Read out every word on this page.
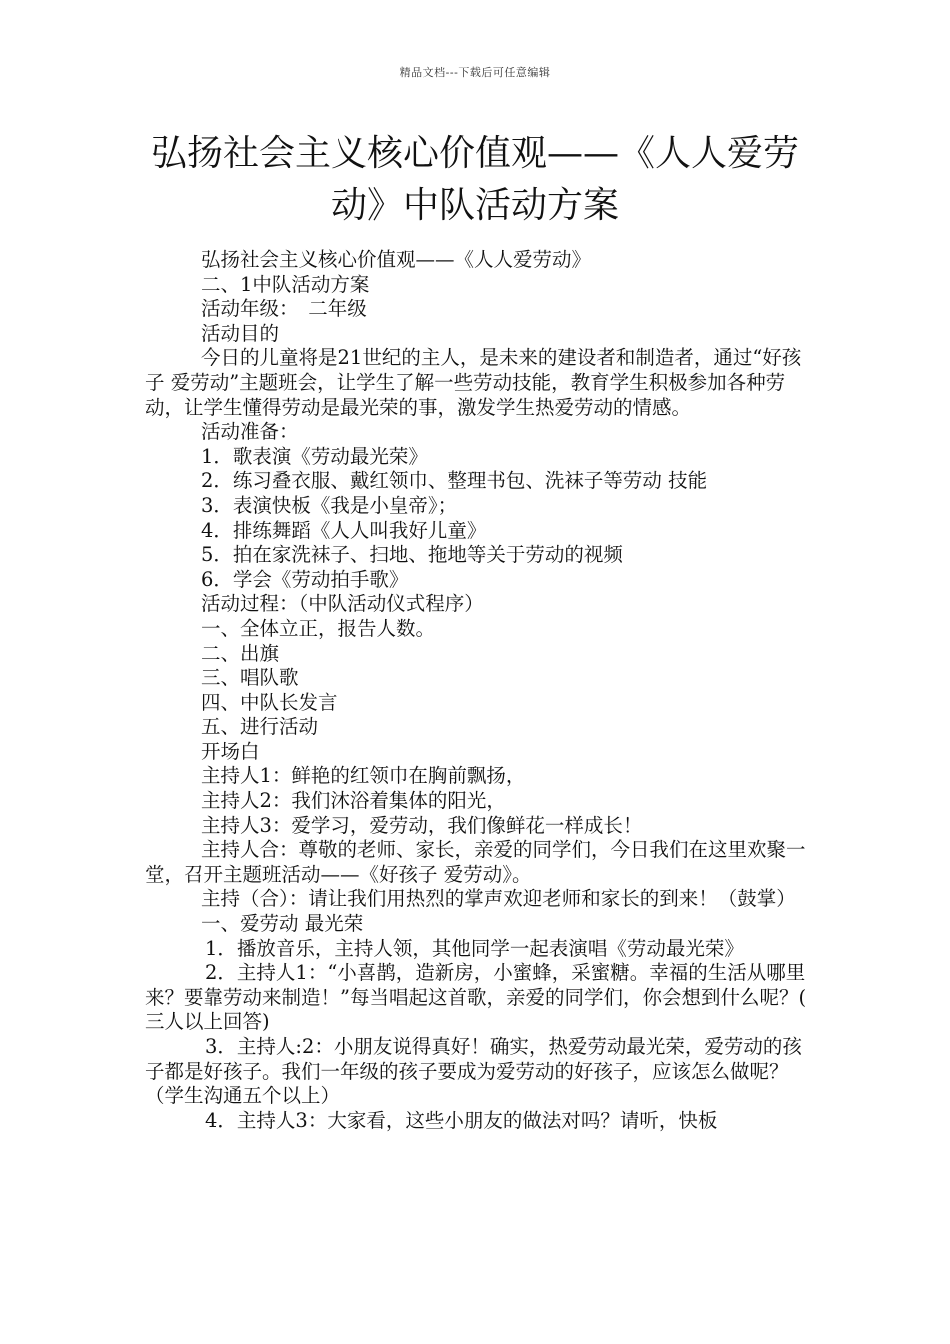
精品文档---下载后可任意编辑
弘扬社会主义核心价值观——《人人爱劳动》中队活动方案

弘扬社会主义核心价值观——《人人爱劳动》

二、1中队活动方案

活动年级：　二年级

活动目的

今日的儿童将是21世纪的主人，是未来的建设者和制造者，通过“好孩子 爱劳动”主题班会，让学生了解一些劳动技能，教育学生积极参加各种劳动，让学生懂得劳动是最光荣的事，激发学生热爱劳动的情感。

活动准备：

1．歌表演《劳动最光荣》

2．练习叠衣服、戴红领巾、整理书包、洗袜子等劳动 技能

3．表演快板《我是小皇帝》；

4．排练舞蹈《人人叫我好儿童》

5．拍在家洗袜子、扫地、拖地等关于劳动的视频

6．学会《劳动拍手歌》

活动过程：（中队活动仪式程序）

一、全体立正，报告人数。

二、出旗

三、唱队歌

四、中队长发言

五、进行活动

开场白

主持人1：鲜艳的红领巾在胸前飘扬，

主持人2：我们沐浴着集体的阳光，

主持人3：爱学习，爱劳动，我们像鲜花一样成长！

主持人合：尊敬的老师、家长，亲爱的同学们，今日我们在这里欢聚一堂，召开主题班活动——《好孩子 爱劳动》。

主持（合）：请让我们用热烈的掌声欢迎老师和家长的到来！（鼓掌）

一、爱劳动 最光荣

1．播放音乐，主持人领，其他同学一起表演唱《劳动最光荣》

2．主持人1：“小喜鹊，造新房，小蜜蜂，采蜜糖。幸福的生活从哪里来？要靠劳动来制造！”每当唱起这首歌，亲爱的同学们，你会想到什么呢？( 三人以上回答)

3．主持人:2：小朋友说得真好！确实，热爱劳动最光荣，爱劳动的孩子都是好孩子。我们一年级的孩子要成为爱劳动的好孩子，应该怎么做呢？（学生沟通五个以上）

4．主持人3：大家看，这些小朋友的做法对吗？请听，快板
